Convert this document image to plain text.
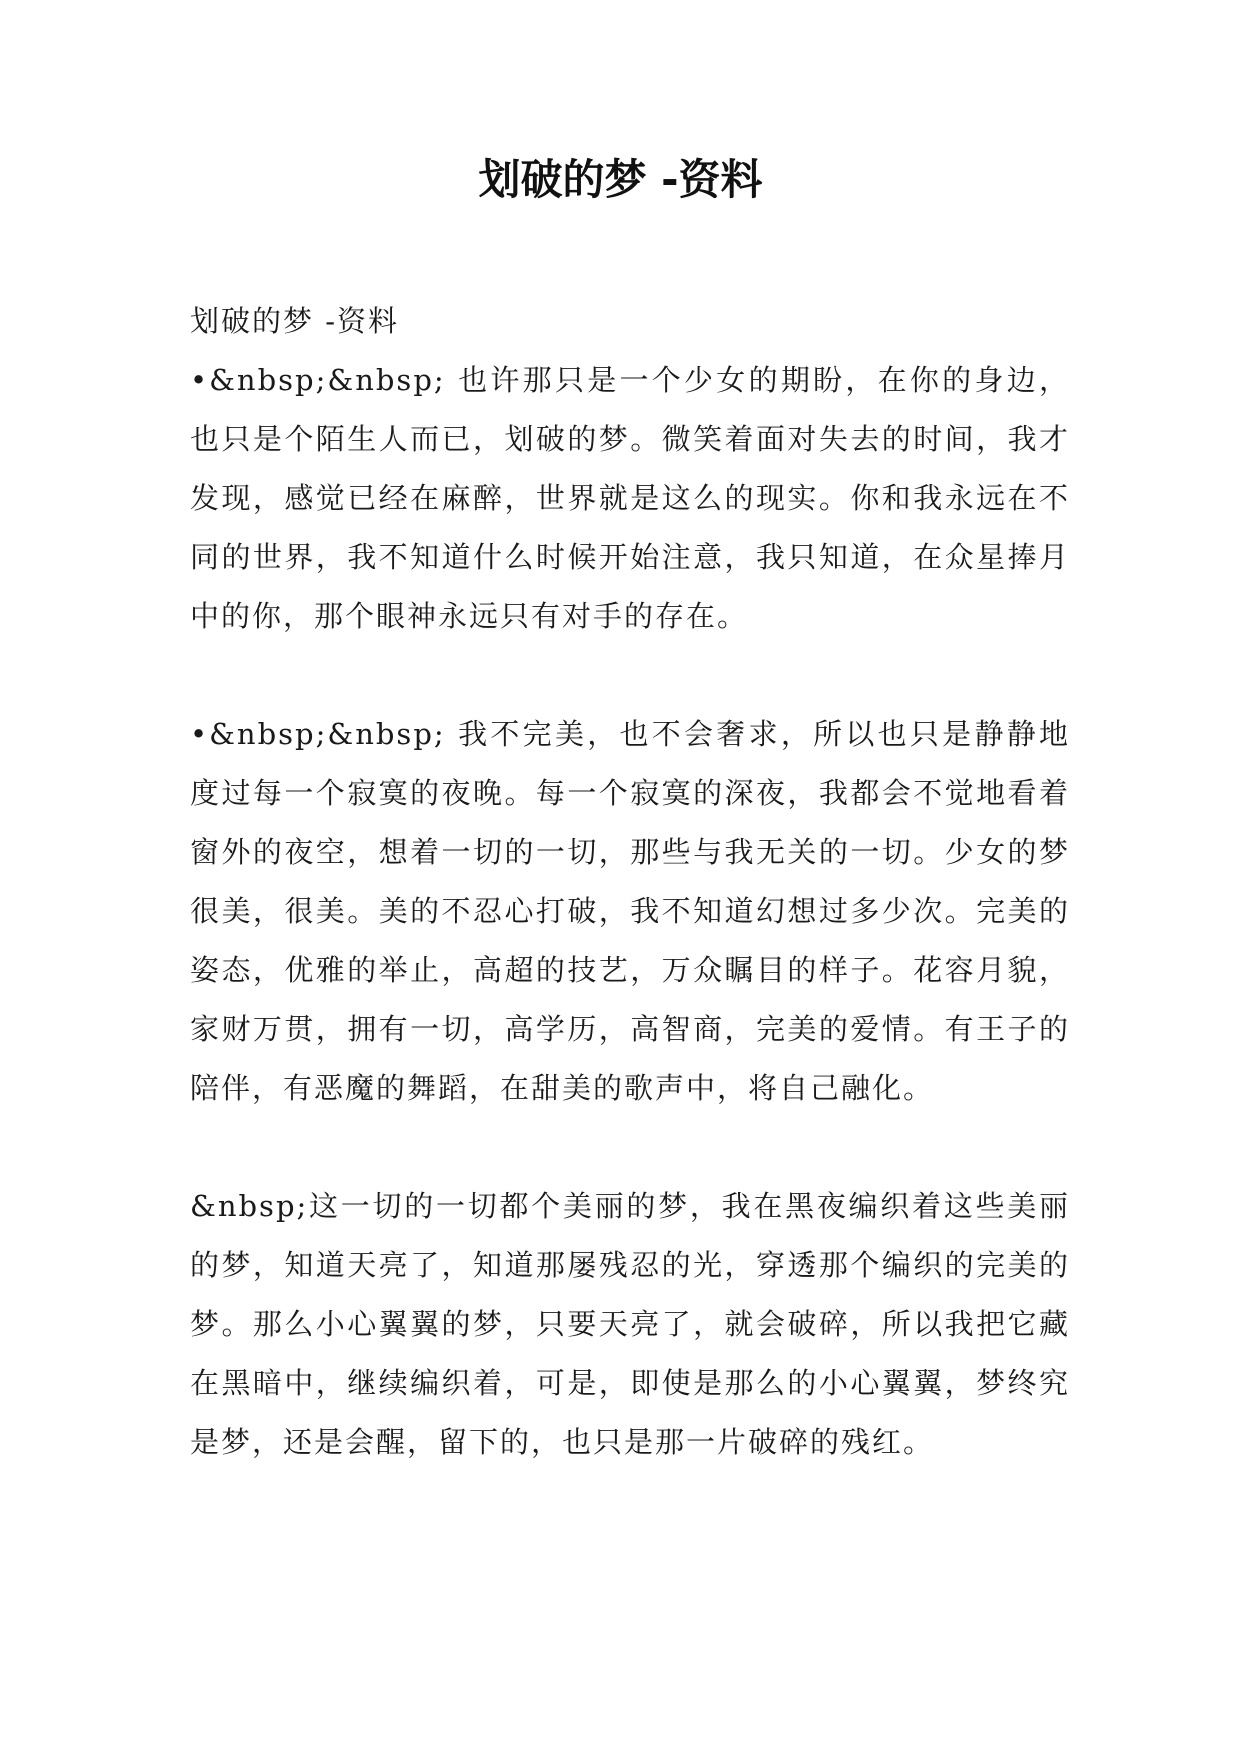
划破的梦 -资料

划破的梦 -资料

•&nbsp;&nbsp; 也许那只是一个少女的期盼，在你的身边，也只是个陌生人而已，划破的梦。微笑着面对失去的时间，我才发现，感觉已经在麻醉，世界就是这么的现实。你和我永远在不同的世界，我不知道什么时候开始注意，我只知道，在众星捧月中的你，那个眼神永远只有对手的存在。

•&nbsp;&nbsp; 我不完美，也不会奢求，所以也只是静静地度过每一个寂寞的夜晚。每一个寂寞的深夜，我都会不觉地看着窗外的夜空，想着一切的一切，那些与我无关的一切。少女的梦很美，很美。美的不忍心打破，我不知道幻想过多少次。完美的姿态，优雅的举止，高超的技艺，万众瞩目的样子。花容月貌，家财万贯，拥有一切，高学历，高智商，完美的爱情。有王子的陪伴，有恶魔的舞蹈，在甜美的歌声中，将自己融化。

&nbsp;这一切的一切都个美丽的梦，我在黑夜编织着这些美丽的梦，知道天亮了，知道那屡残忍的光，穿透那个编织的完美的梦。那么小心翼翼的梦，只要天亮了，就会破碎，所以我把它藏在黑暗中，继续编织着，可是，即使是那么的小心翼翼，梦终究是梦，还是会醒，留下的，也只是那一片破碎的残红。
